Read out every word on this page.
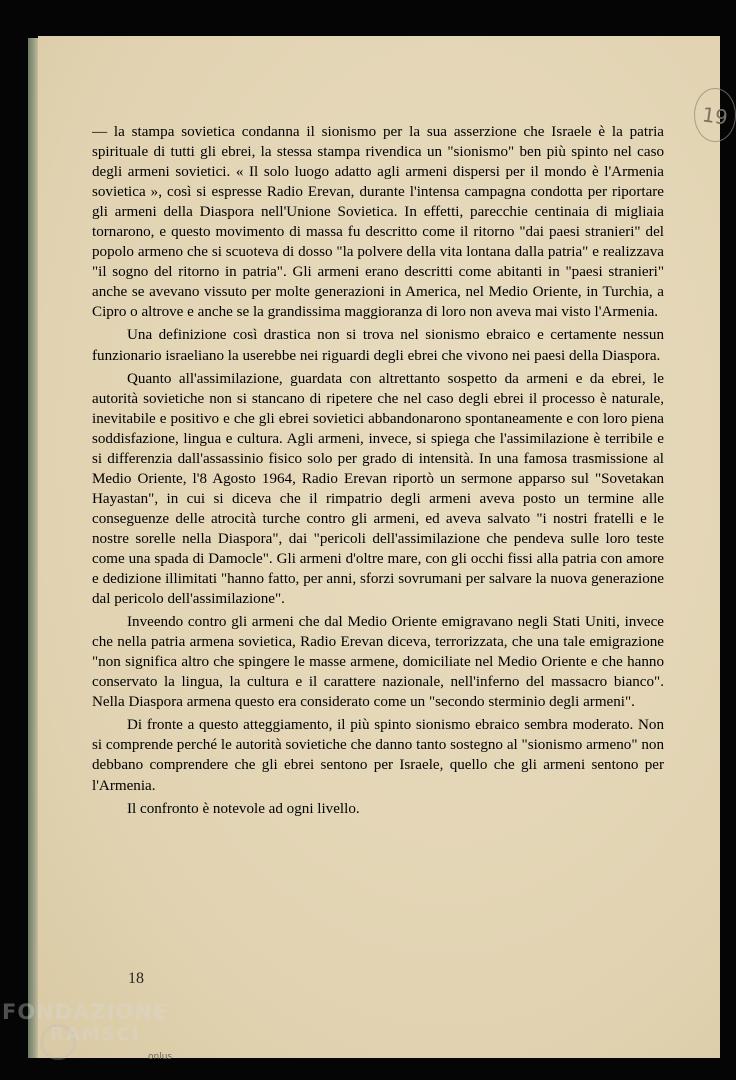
19

— la stampa sovietica condanna il sionismo per la sua asserzione che Israele è la patria spirituale di tutti gli ebrei, la stessa stampa rivendica un "sionismo" ben più spinto nel caso degli armeni sovietici. « Il solo luogo adatto agli armeni dispersi per il mondo è l'Armenia sovietica », così si espresse Radio Erevan, durante l'intensa campagna condotta per riportare gli armeni della Diaspora nell'Unione Sovietica. In effetti, parecchie centinaia di migliaia tornarono, e questo movimento di massa fu descritto come il ritorno "dai paesi stranieri" del popolo armeno che si scuoteva di dosso "la polvere della vita lontana dalla patria" e realizzava "il sogno del ritorno in patria". Gli armeni erano descritti come abitanti in "paesi stranieri" anche se avevano vissuto per molte generazioni in America, nel Medio Oriente, in Turchia, a Cipro o altrove e anche se la grandissima maggioranza di loro non aveva mai visto l'Armenia.

Una definizione così drastica non si trova nel sionismo ebraico e certamente nessun funzionario israeliano la userebbe nei riguardi degli ebrei che vivono nei paesi della Diaspora.

Quanto all'assimilazione, guardata con altrettanto sospetto da armeni e da ebrei, le autorità sovietiche non si stancano di ripetere che nel caso degli ebrei il processo è naturale, inevitabile e positivo e che gli ebrei sovietici abbandonarono spontaneamente e con loro piena soddisfazione, lingua e cultura. Agli armeni, invece, si spiega che l'assimilazione è terribile e si differenzia dall'assassinio fisico solo per grado di intensità. In una famosa trasmissione al Medio Oriente, l'8 Agosto 1964, Radio Erevan riportò un sermone apparso sul "Sovetakan Hayastan", in cui si diceva che il rimpatrio degli armeni aveva posto un termine alle conseguenze delle atrocità turche contro gli armeni, ed aveva salvato "i nostri fratelli e le nostre sorelle nella Diaspora", dai "pericoli dell'assimilazione che pendeva sulle loro teste come una spada di Damocle". Gli armeni d'oltre mare, con gli occhi fissi alla patria con amore e dedizione illimitati "hanno fatto, per anni, sforzi sovrumani per salvare la nuova generazione dal pericolo dell'assimilazione".

Inveendo contro gli armeni che dal Medio Oriente emigravano negli Stati Uniti, invece che nella patria armena sovietica, Radio Erevan diceva, terrorizzata, che una tale emigrazione "non significa altro che spingere le masse armene, domiciliate nel Medio Oriente e che hanno conservato la lingua, la cultura e il carattere nazionale, nell'inferno del massacro bianco". Nella Diaspora armena questo era considerato come un "secondo sterminio degli armeni".

Di fronte a questo atteggiamento, il più spinto sionismo ebraico sembra moderato. Non si comprende perché le autorità sovietiche che danno tanto sostegno al "sionismo armeno" non debbano comprendere che gli ebrei sentono per Israele, quello che gli armeni sentono per l'Armenia.

Il confronto è notevole ad ogni livello.

18
FONDAZIONE
RAMSCI
onlus
